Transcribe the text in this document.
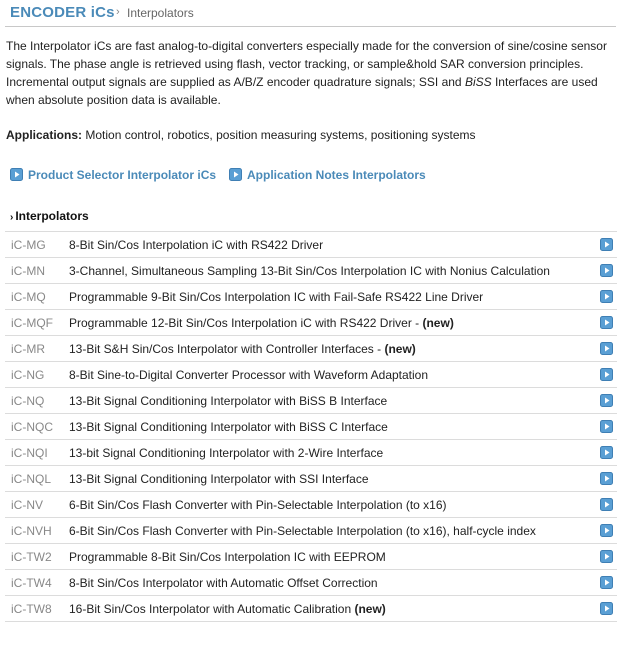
ENCODER iCs › Interpolators
The Interpolator iCs are fast analog-to-digital converters especially made for the conversion of sine/cosine sensor signals. The phase angle is retrieved using flash, vector tracking, or sample&hold SAR conversion principles. Incremental output signals are supplied as A/B/Z encoder quadrature signals; SSI and BiSS Interfaces are used when absolute position data is available.
Applications: Motion control, robotics, position measuring systems, positioning systems
Product Selector Interpolator iCs	Application Notes Interpolators
› Interpolators
iC-MG 8-Bit Sin/Cos Interpolation iC with RS422 Driver
iC-MN 3-Channel, Simultaneous Sampling 13-Bit Sin/Cos Interpolation IC with Nonius Calculation
iC-MQ Programmable 9-Bit Sin/Cos Interpolation IC with Fail-Safe RS422 Line Driver
iC-MQF Programmable 12-Bit Sin/Cos Interpolation iC with RS422 Driver - (new)
iC-MR 13-Bit S&H Sin/Cos Interpolator with Controller Interfaces - (new)
iC-NG 8-Bit Sine-to-Digital Converter Processor with Waveform Adaptation
iC-NQ 13-Bit Signal Conditioning Interpolator with BiSS B Interface
iC-NQC 13-Bit Signal Conditioning Interpolator with BiSS C Interface
iC-NQI 13-bit Signal Conditioning Interpolator with 2-Wire Interface
iC-NQL 13-Bit Signal Conditioning Interpolator with SSI Interface
iC-NV 6-Bit Sin/Cos Flash Converter with Pin-Selectable Interpolation (to x16)
iC-NVH 6-Bit Sin/Cos Flash Converter with Pin-Selectable Interpolation (to x16), half-cycle index
iC-TW2 Programmable 8-Bit Sin/Cos Interpolation IC with EEPROM
iC-TW4 8-Bit Sin/Cos Interpolator with Automatic Offset Correction
iC-TW8 16-Bit Sin/Cos Interpolator with Automatic Calibration (new)
